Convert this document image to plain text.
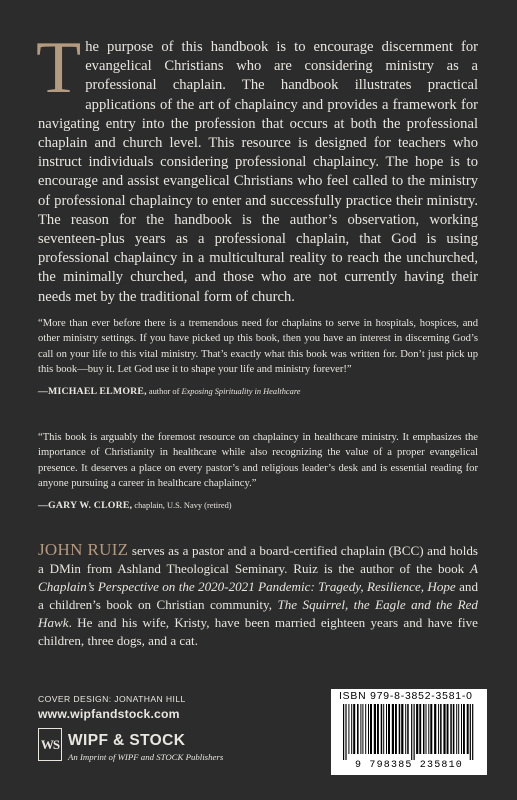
The purpose of this handbook is to encourage discernment for evangelical Christians who are considering ministry as a professional chaplain. The handbook illustrates practical applications of the art of chaplaincy and provides a framework for navigating entry into the profession that occurs at both the professional chaplain and church level. This resource is designed for teachers who instruct individuals considering professional chaplaincy. The hope is to encourage and assist evangelical Christians who feel called to the ministry of professional chaplaincy to enter and successfully practice their ministry. The reason for the handbook is the author’s observation, working seventeen-plus years as a professional chaplain, that God is using professional chaplaincy in a multicultural reality to reach the unchurched, the minimally churched, and those who are not currently having their needs met by the traditional form of church.

“More than ever before there is a tremendous need for chaplains to serve in hospitals, hospices, and other ministry settings. If you have picked up this book, then you have an interest in discerning God’s call on your life to this vital ministry. That’s exactly what this book was written for. Don’t just pick up this book—buy it. Let God use it to shape your life and ministry forever!”
—MICHAEL ELMORE, author of Exposing Spirituality in Healthcare

“This book is arguably the foremost resource on chaplaincy in healthcare ministry. It emphasizes the importance of Christianity in healthcare while also recognizing the value of a proper evangelical presence. It deserves a place on every pastor’s and religious leader’s desk and is essential reading for anyone pursuing a career in healthcare chaplaincy.”
—GARY W. CLORE, chaplain, U.S. Navy (retired)

JOHN RUIZ serves as a pastor and a board-certified chaplain (BCC) and holds a DMin from Ashland Theological Seminary. Ruiz is the author of the book A Chaplain’s Perspective on the 2020-2021 Pandemic: Tragedy, Resilience, Hope and a children’s book on Christian community, The Squirrel, the Eagle and the Red Hawk. He and his wife, Kristy, have been married eighteen years and have five children, three dogs, and a cat.

COVER DESIGN: JONATHAN HILL
www.wipfandstock.com
WS WIPF & STOCK
An Imprint of WIPF and STOCK Publishers
ISBN 979-8-3852-3581-0
9 798385 235810
